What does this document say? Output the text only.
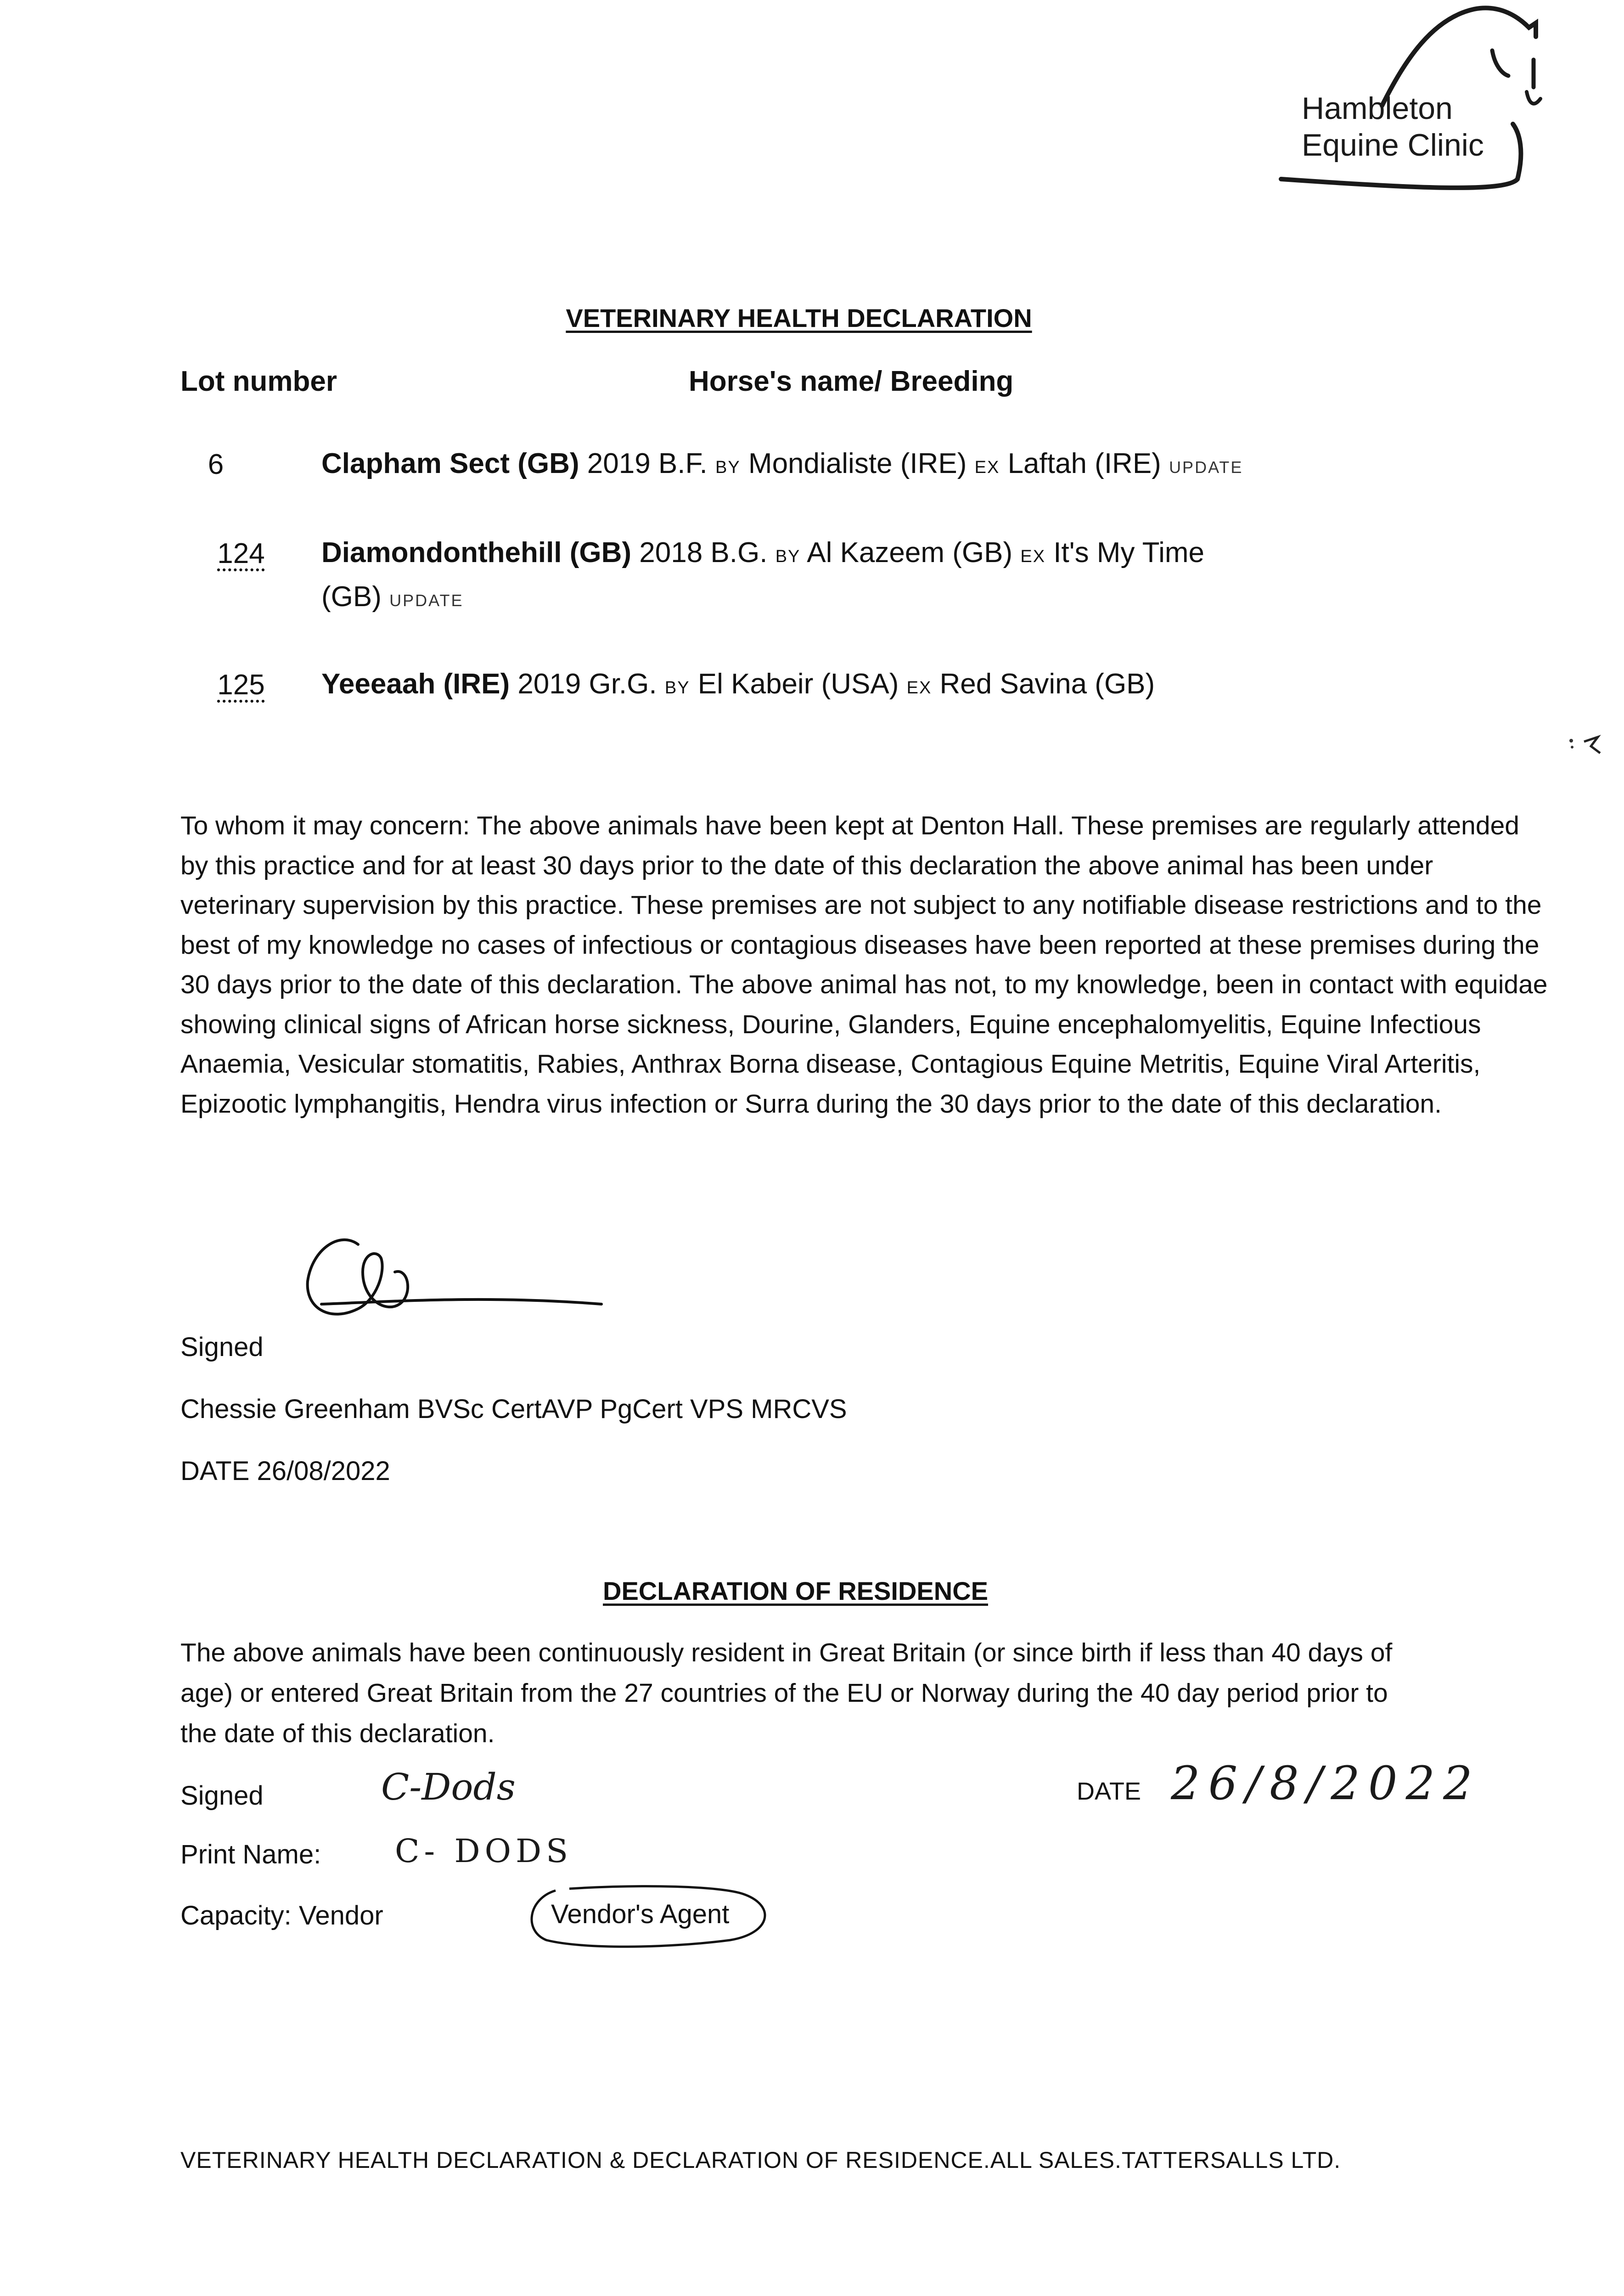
Hambleton
Equine Clinic
VETERINARY HEALTH DECLARATION
Lot number	Horse's name/ Breeding
6	Clapham Sect (GB) 2019 B.F. BY Mondialiste (IRE) EX Laftah (IRE) UPDATE
124	Diamondonthehill (GB) 2018 B.G. BY Al Kazeem (GB) EX It's My Time (GB) UPDATE
125	Yeeeaah (IRE) 2019 Gr.G. BY El Kabeir (USA) EX Red Savina (GB)
To whom it may concern: The above animals have been kept at Denton Hall. These premises are regularly attended by this practice and for at least 30 days prior to the date of this declaration the above animal has been under veterinary supervision by this practice. These premises are not subject to any notifiable disease restrictions and to the best of my knowledge no cases of infectious or contagious diseases have been reported at these premises during the 30 days prior to the date of this declaration. The above animal has not, to my knowledge, been in contact with equidae showing clinical signs of African horse sickness, Dourine, Glanders, Equine encephalomyelitis, Equine Infectious Anaemia, Vesicular stomatitis, Rabies, Anthrax Borna disease, Contagious Equine Metritis, Equine Viral Arteritis, Epizootic lymphangitis, Hendra virus infection or Surra during the 30 days prior to the date of this declaration.
Signed
Chessie Greenham BVSc CertAVP PgCert VPS MRCVS
DATE 26/08/2022
DECLARATION OF RESIDENCE
The above animals have been continuously resident in Great Britain (or since birth if less than 40 days of age) or entered Great Britain from the 27 countries of the EU or Norway during the 40 day period prior to the date of this declaration.
Signed	C-Dods	DATE 26/8/2022
Print Name: C- DODS
Capacity: Vendor	Vendor's Agent
VETERINARY HEALTH DECLARATION & DECLARATION OF RESIDENCE.ALL SALES.TATTERSALLS LTD.
